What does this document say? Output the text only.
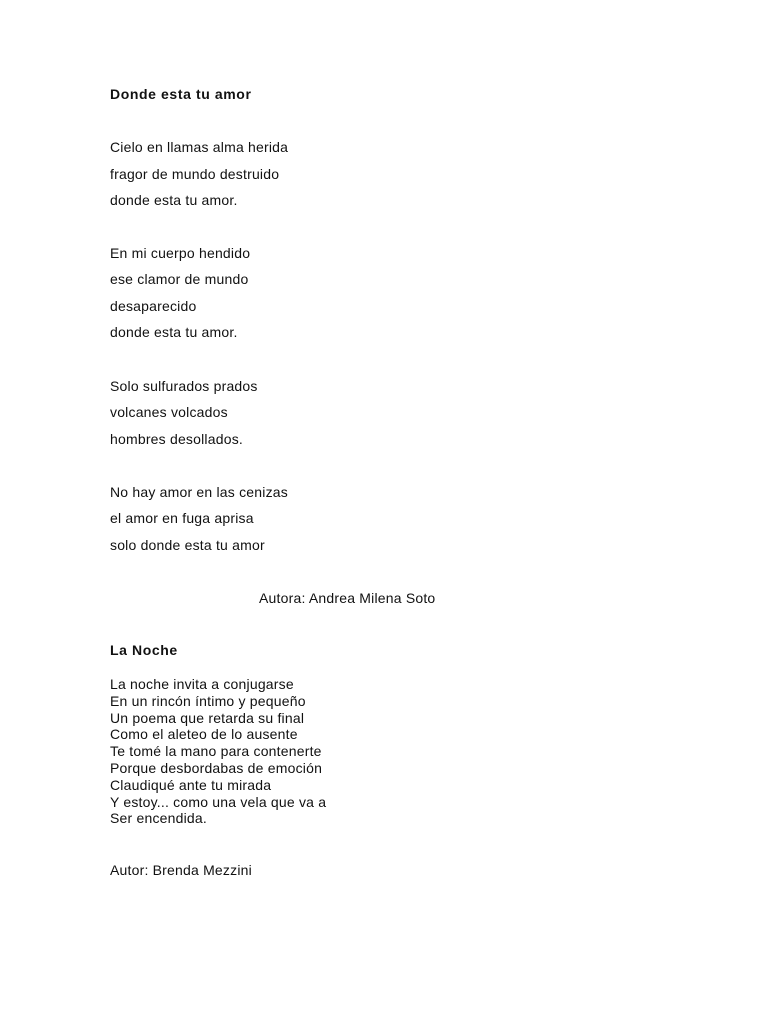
Donde esta tu amor
Cielo en llamas alma herida
fragor de mundo destruido
donde esta tu amor.
En mi cuerpo hendido
ese clamor de mundo
desaparecido
donde esta tu amor.
Solo sulfurados prados
volcanes volcados
hombres desollados.
No hay amor en las cenizas
el amor en fuga aprisa
solo donde esta tu amor
Autora: Andrea Milena Soto
La Noche
La noche invita a conjugarse
En un rincón íntimo y pequeño
Un poema que retarda su final
Como el aleteo de lo ausente
Te tomé la mano para contenerte
Porque desbordabas de emoción
Claudiqué ante tu mirada
Y estoy... como una vela que va a
Ser encendida.
Autor: Brenda Mezzini
